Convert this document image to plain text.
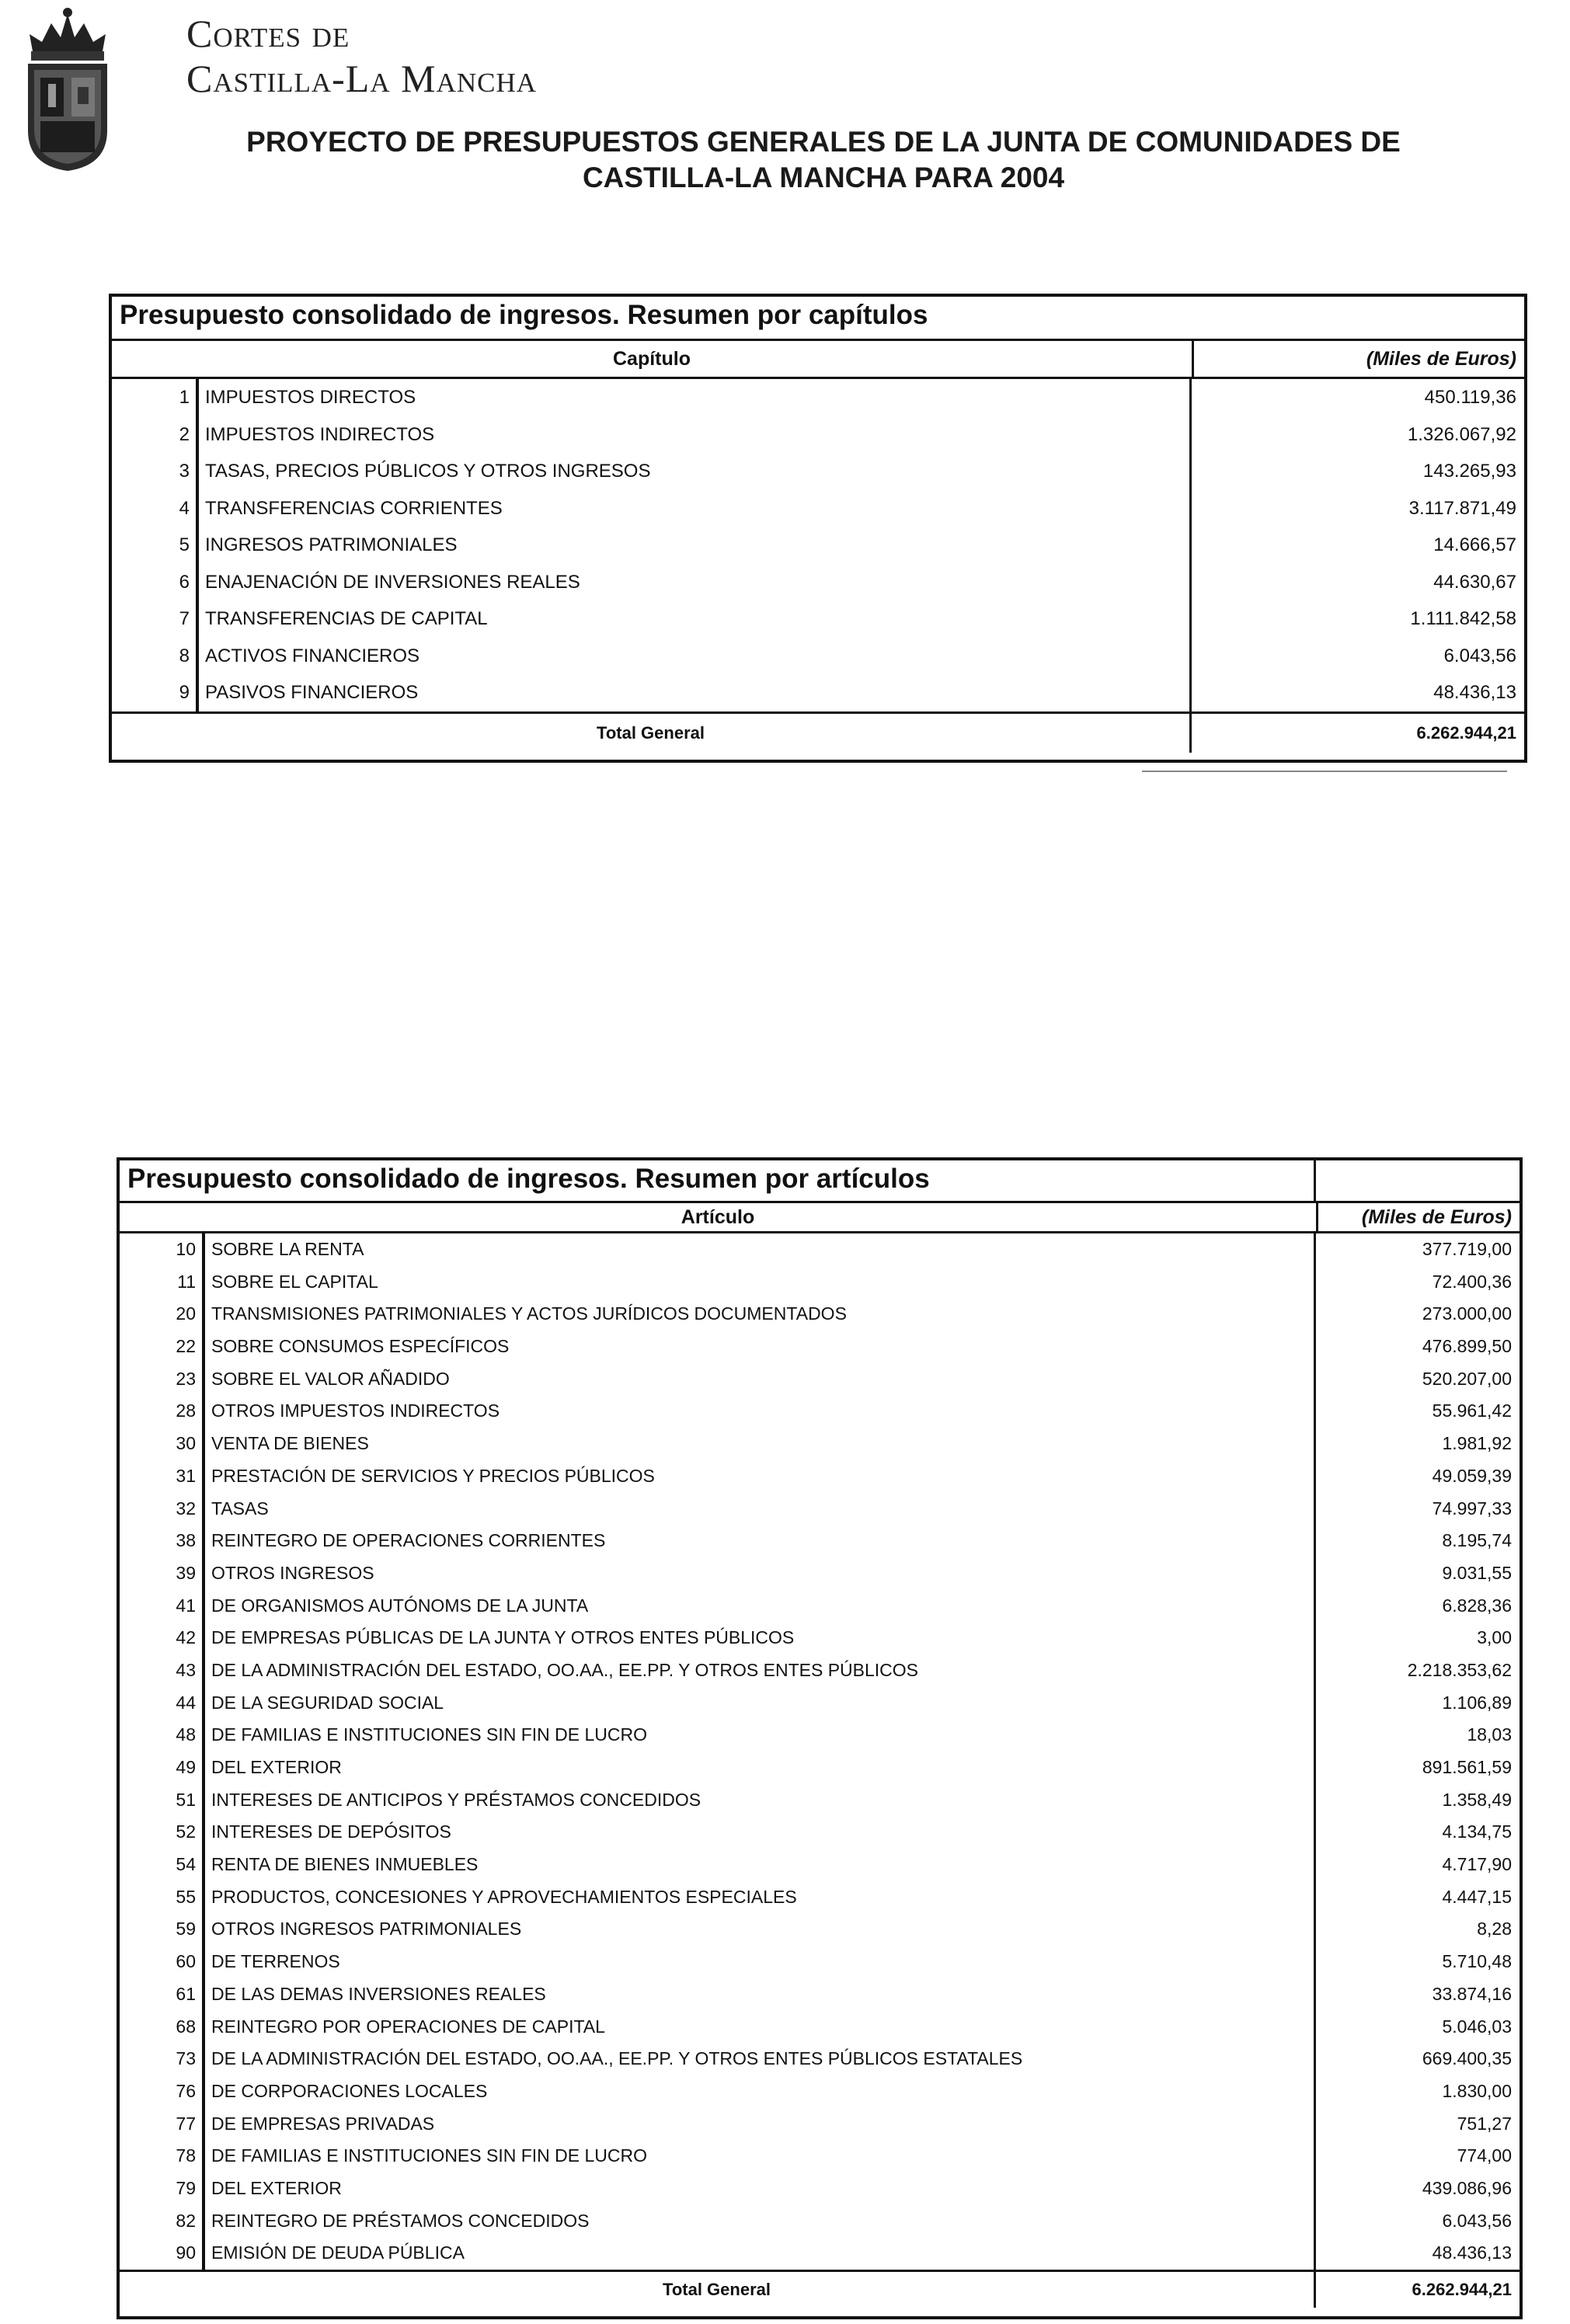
Cortes de
Castilla-La Mancha
PROYECTO DE PRESUPUESTOS GENERALES DE LA JUNTA DE COMUNIDADES DE
CASTILLA-LA MANCHA PARA 2004
Presupuesto consolidado de ingresos. Resumen por capítulos
Capítulo	(Miles de Euros)
1 IMPUESTOS DIRECTOS	450.119,36
2 IMPUESTOS INDIRECTOS	1.326.067,92
3 TASAS, PRECIOS PÚBLICOS Y OTROS INGRESOS	143.265,93
4 TRANSFERENCIAS CORRIENTES	3.117.871,49
5 INGRESOS PATRIMONIALES	14.666,57
6 ENAJENACIÓN DE INVERSIONES REALES	44.630,67
7 TRANSFERENCIAS DE CAPITAL	1.111.842,58
8 ACTIVOS FINANCIEROS	6.043,56
9 PASIVOS FINANCIEROS	48.436,13
Total General	6.262.944,21
Presupuesto consolidado de ingresos. Resumen por artículos
Artículo	(Miles de Euros)
10 SOBRE LA RENTA	377.719,00
11 SOBRE EL CAPITAL	72.400,36
20 TRANSMISIONES PATRIMONIALES Y ACTOS JURÍDICOS DOCUMENTADOS	273.000,00
22 SOBRE CONSUMOS ESPECÍFICOS	476.899,50
23 SOBRE EL VALOR AÑADIDO	520.207,00
28 OTROS IMPUESTOS INDIRECTOS	55.961,42
30 VENTA DE BIENES	1.981,92
31 PRESTACIÓN DE SERVICIOS Y PRECIOS PÚBLICOS	49.059,39
32 TASAS	74.997,33
38 REINTEGRO DE OPERACIONES CORRIENTES	8.195,74
39 OTROS INGRESOS	9.031,55
41 DE ORGANISMOS AUTÓNOMS DE LA JUNTA	6.828,36
42 DE EMPRESAS PÚBLICAS DE LA JUNTA Y OTROS ENTES PÚBLICOS	3,00
43 DE LA ADMINISTRACIÓN DEL ESTADO, OO.AA., EE.PP. Y OTROS ENTES PÚBLICOS	2.218.353,62
44 DE LA SEGURIDAD SOCIAL	1.106,89
48 DE FAMILIAS E INSTITUCIONES SIN FIN DE LUCRO	18,03
49 DEL EXTERIOR	891.561,59
51 INTERESES DE ANTICIPOS Y PRÉSTAMOS CONCEDIDOS	1.358,49
52 INTERESES DE DEPÓSITOS	4.134,75
54 RENTA DE BIENES INMUEBLES	4.717,90
55 PRODUCTOS, CONCESIONES Y APROVECHAMIENTOS ESPECIALES	4.447,15
59 OTROS INGRESOS PATRIMONIALES	8,28
60 DE TERRENOS	5.710,48
61 DE LAS DEMAS INVERSIONES REALES	33.874,16
68 REINTEGRO POR OPERACIONES DE CAPITAL	5.046,03
73 DE LA ADMINISTRACIÓN DEL ESTADO, OO.AA., EE.PP. Y OTROS ENTES PÚBLICOS ESTATALES	669.400,35
76 DE CORPORACIONES LOCALES	1.830,00
77 DE EMPRESAS PRIVADAS	751,27
78 DE FAMILIAS E INSTITUCIONES SIN FIN DE LUCRO	774,00
79 DEL EXTERIOR	439.086,96
82 REINTEGRO DE PRÉSTAMOS CONCEDIDOS	6.043,56
90 EMISIÓN DE DEUDA PÚBLICA	48.436,13
Total General	6.262.944,21
